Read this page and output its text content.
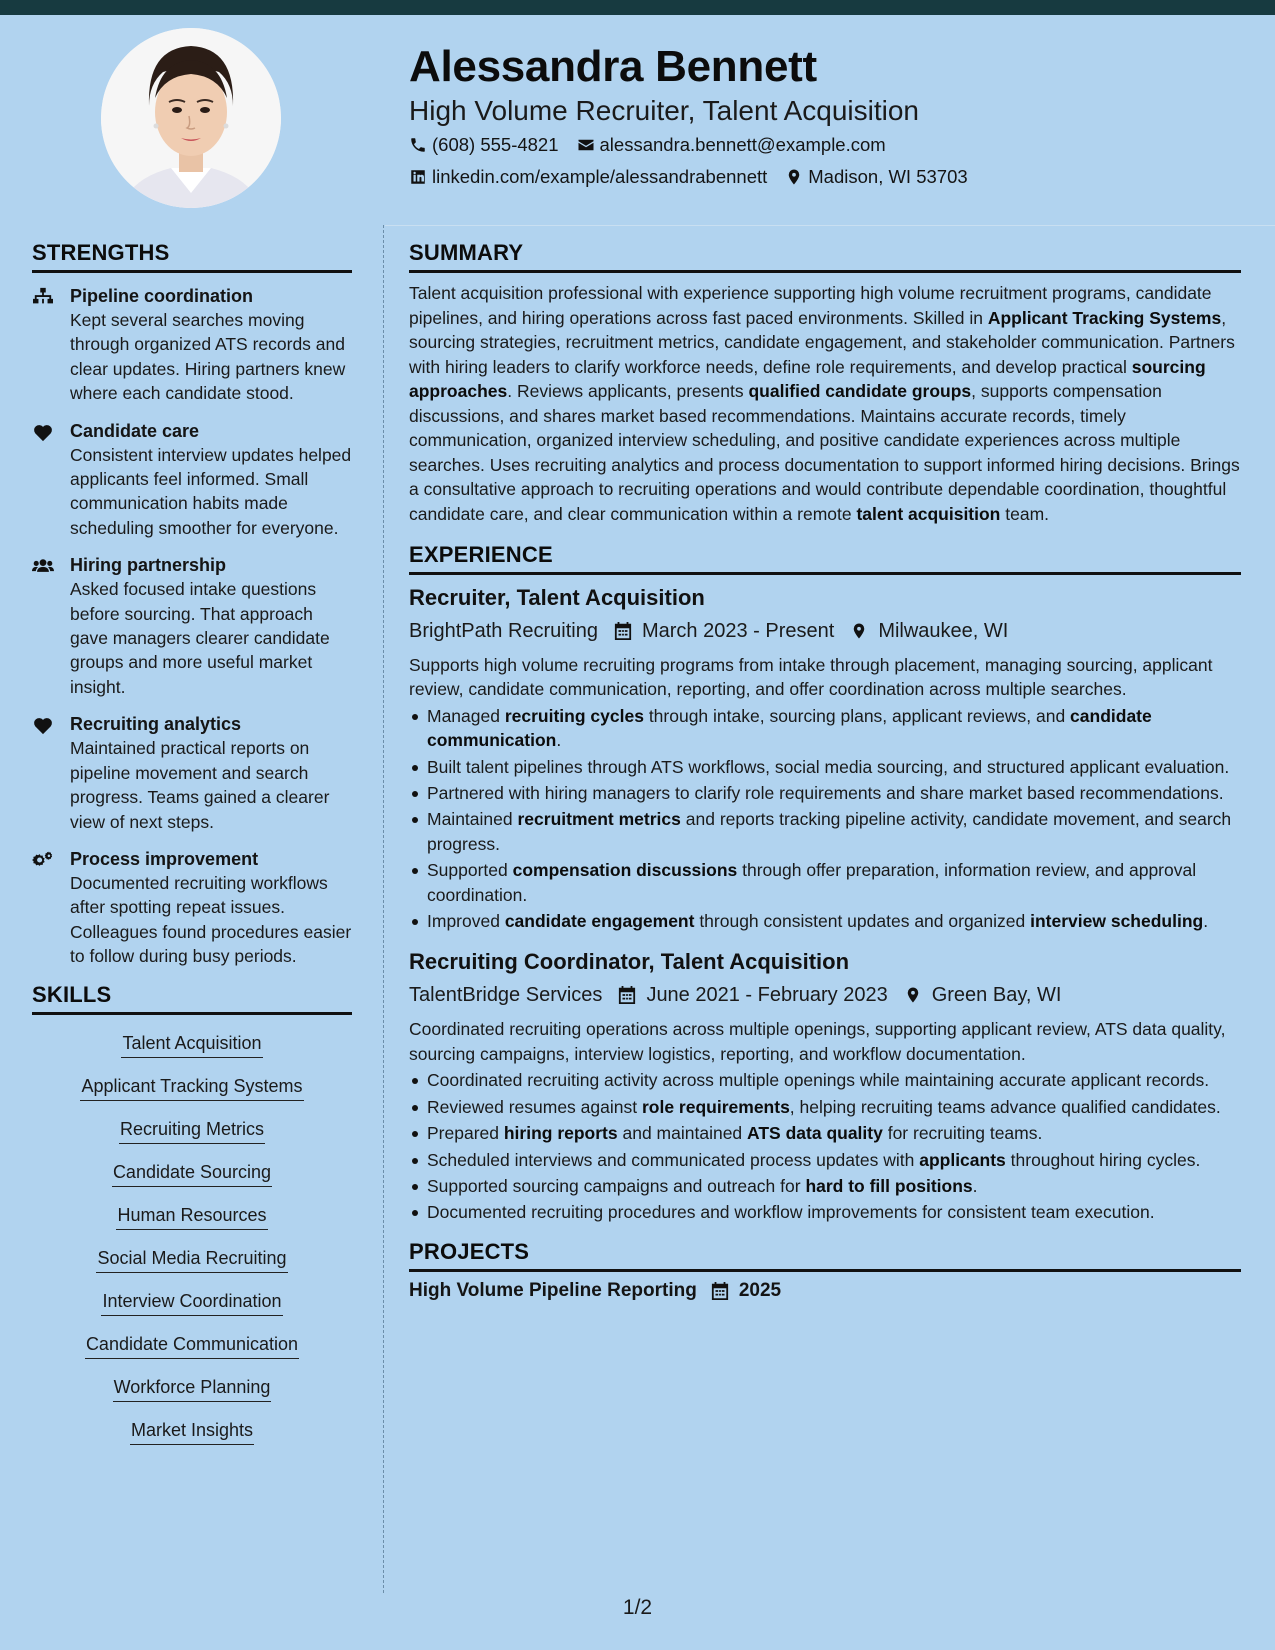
Alessandra Bennett
High Volume Recruiter, Talent Acquisition
(608) 555-4821 alessandra.bennett@example.com
linkedin.com/example/alessandrabennett Madison, WI 53703
STRENGTHS
Pipeline coordination
Kept several searches moving through organized ATS records and clear updates. Hiring partners knew where each candidate stood.
Candidate care
Consistent interview updates helped applicants feel informed. Small communication habits made scheduling smoother for everyone.
Hiring partnership
Asked focused intake questions before sourcing. That approach gave managers clearer candidate groups and more useful market insight.
Recruiting analytics
Maintained practical reports on pipeline movement and search progress. Teams gained a clearer view of next steps.
Process improvement
Documented recruiting workflows after spotting repeat issues. Colleagues found procedures easier to follow during busy periods.
SKILLS
Talent Acquisition
Applicant Tracking Systems
Recruiting Metrics
Candidate Sourcing
Human Resources
Social Media Recruiting
Interview Coordination
Candidate Communication
Workforce Planning
Market Insights
SUMMARY
Talent acquisition professional with experience supporting high volume recruitment programs, candidate pipelines, and hiring operations across fast paced environments. Skilled in Applicant Tracking Systems, sourcing strategies, recruitment metrics, candidate engagement, and stakeholder communication. Partners with hiring leaders to clarify workforce needs, define role requirements, and develop practical sourcing approaches. Reviews applicants, presents qualified candidate groups, supports compensation discussions, and shares market based recommendations. Maintains accurate records, timely communication, organized interview scheduling, and positive candidate experiences across multiple searches. Uses recruiting analytics and process documentation to support informed hiring decisions. Brings a consultative approach to recruiting operations and would contribute dependable coordination, thoughtful candidate care, and clear communication within a remote talent acquisition team.
EXPERIENCE
Recruiter, Talent Acquisition
BrightPath Recruiting March 2023 - Present Milwaukee, WI
Supports high volume recruiting programs from intake through placement, managing sourcing, applicant review, candidate communication, reporting, and offer coordination across multiple searches.
Managed recruiting cycles through intake, sourcing plans, applicant reviews, and candidate communication.
Built talent pipelines through ATS workflows, social media sourcing, and structured applicant evaluation.
Partnered with hiring managers to clarify role requirements and share market based recommendations.
Maintained recruitment metrics and reports tracking pipeline activity, candidate movement, and search progress.
Supported compensation discussions through offer preparation, information review, and approval coordination.
Improved candidate engagement through consistent updates and organized interview scheduling.
Recruiting Coordinator, Talent Acquisition
TalentBridge Services June 2021 - February 2023 Green Bay, WI
Coordinated recruiting operations across multiple openings, supporting applicant review, ATS data quality, sourcing campaigns, interview logistics, reporting, and workflow documentation.
Coordinated recruiting activity across multiple openings while maintaining accurate applicant records.
Reviewed resumes against role requirements, helping recruiting teams advance qualified candidates.
Prepared hiring reports and maintained ATS data quality for recruiting teams.
Scheduled interviews and communicated process updates with applicants throughout hiring cycles.
Supported sourcing campaigns and outreach for hard to fill positions.
Documented recruiting procedures and workflow improvements for consistent team execution.
PROJECTS
High Volume Pipeline Reporting 2025
1/2
